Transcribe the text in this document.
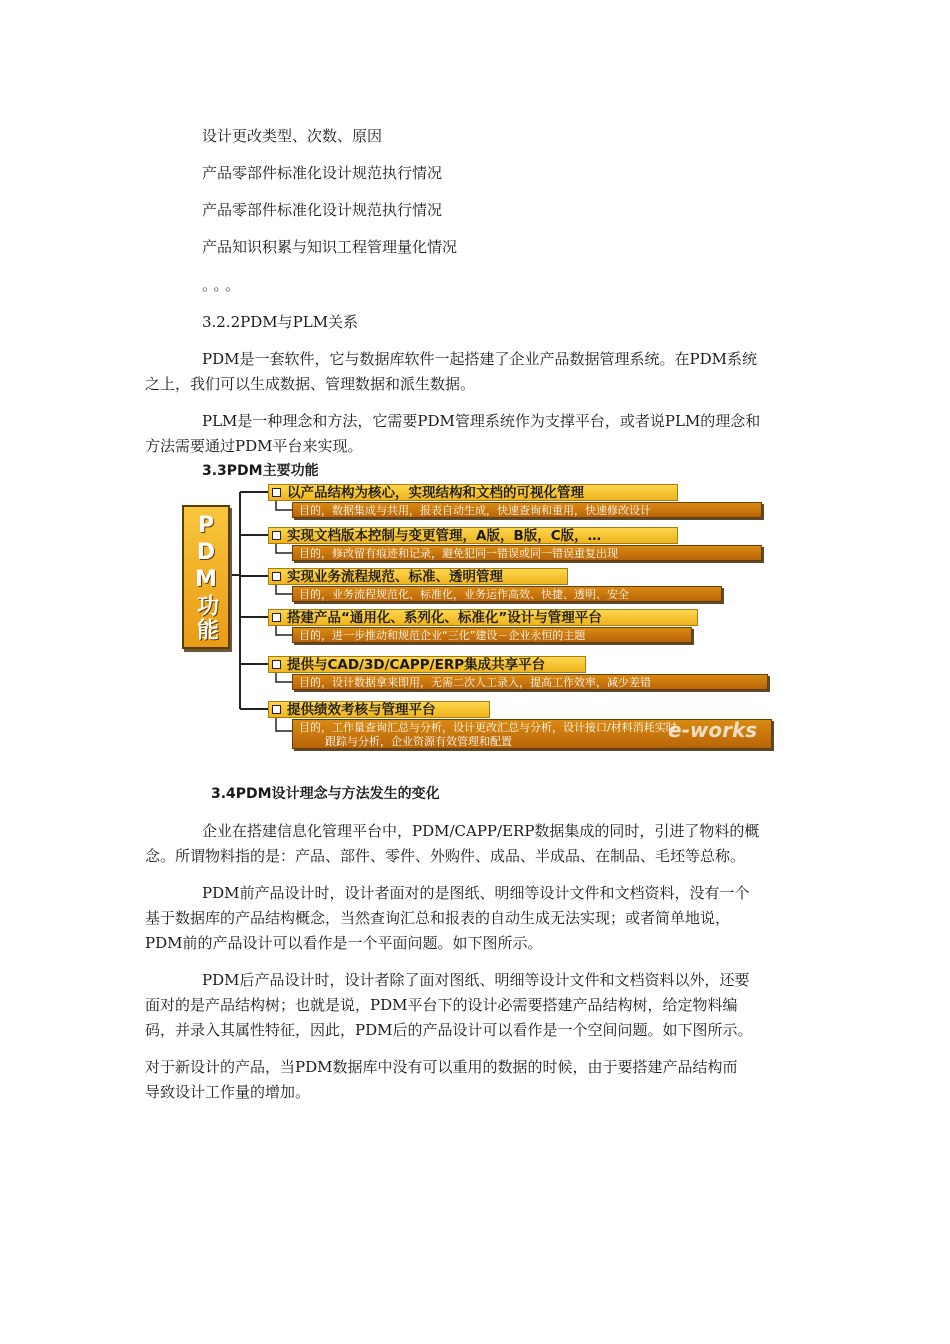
设计更改类型、次数、原因
产品零部件标准化设计规范执行情况
产品零部件标准化设计规范执行情况
产品知识积累与知识工程管理量化情况
。。。
3.2.2PDM与PLM关系
PDM是一套软件，它与数据库软件一起搭建了企业产品数据管理系统。在PDM系统
之上，我们可以生成数据、管理数据和派生数据。
PLM是一种理念和方法，它需要PDM管理系统作为支撑平台，或者说PLM的理念和
方法需要通过PDM平台来实现。
3.3PDM主要功能
PDM功能
以产品结构为核心，实现结构和文档的可视化管理
目的，数据集成与共用，报表自动生成，快速查询和重用，快速修改设计
实现文档版本控制与变更管理，A版，B版，C版，…
目的，修改留有痕迹和记录，避免犯同一错误或同一错误重复出现
实现业务流程规范、标准、透明管理
目的，业务流程规范化、标准化，业务运作高效、快捷、透明、安全
搭建产品“通用化、系列化、标准化”设计与管理平台
目的，进一步推动和规范企业“三化”建设－企业永恒的主题
提供与CAD/3D/CAPP/ERP集成共享平台
目的，设计数据拿来即用，无需二次人工录入，提高工作效率，减少差错
提供绩效考核与管理平台
目的，工作量查询汇总与分析，设计更改汇总与分析，设计接口/材料消耗实时
跟踪与分析，企业资源有效管理和配置	e-works
3.4PDM设计理念与方法发生的变化
企业在搭建信息化管理平台中，PDM/CAPP/ERP数据集成的同时，引进了物料的概
念。所谓物料指的是：产品、部件、零件、外购件、成品、半成品、在制品、毛坯等总称。
PDM前产品设计时，设计者面对的是图纸、明细等设计文件和文档资料，没有一个
基于数据库的产品结构概念，当然查询汇总和报表的自动生成无法实现；或者简单地说，
PDM前的产品设计可以看作是一个平面问题。如下图所示。
PDM后产品设计时，设计者除了面对图纸、明细等设计文件和文档资料以外，还要
面对的是产品结构树；也就是说，PDM平台下的设计必需要搭建产品结构树，给定物料编
码，并录入其属性特征，因此，PDM后的产品设计可以看作是一个空间问题。如下图所示。
对于新设计的产品，当PDM数据库中没有可以重用的数据的时候，由于要搭建产品结构而
导致设计工作量的增加。
